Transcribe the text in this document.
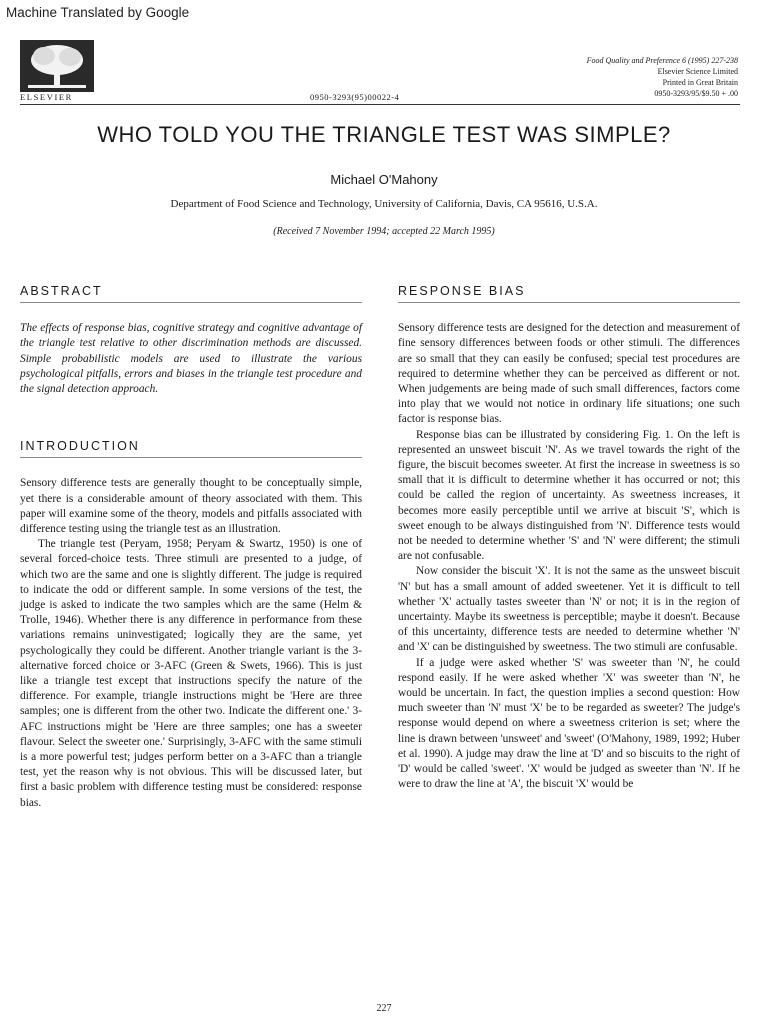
Machine Translated by Google
ELSEVIER	0950-3293(95)00022-4
Food Quality and Preference 6 (1995) 227-238
Elsevier Science Limited
Printed in Great Britain
0950-3293/95/$9.50 + .00
WHO TOLD YOU THE TRIANGLE TEST WAS SIMPLE?
Michael O'Mahony
Department of Food Science and Technology, University of California, Davis, CA 95616, U.S.A.
(Received 7 November 1994; accepted 22 March 1995)
ABSTRACT

The effects of response bias, cognitive strategy and cognitive advantage of the triangle test relative to other discrimination methods are discussed. Simple probabilistic models are used to illustrate the various psychological pitfalls, errors and biases in the triangle test procedure and the signal detection approach.

INTRODUCTION

Sensory difference tests are generally thought to be conceptually simple, yet there is a considerable amount of theory associated with them. This paper will examine some of the theory, models and pitfalls associated with difference testing using the triangle test as an illustration.

The triangle test (Peryam, 1958; Peryam & Swartz, 1950) is one of several forced-choice tests. Three stimuli are presented to a judge, of which two are the same and one is slightly different. The judge is required to indicate the odd or different sample. In some versions of the test, the judge is asked to indicate the two samples which are the same (Helm & Trolle, 1946). Whether there is any difference in performance from these variations remains uninvestigated; logically they are the same, yet psychologically they could be different. Another triangle variant is the 3-alternative forced choice or 3-AFC (Green & Swets, 1966). This is just like a triangle test except that instructions specify the nature of the difference. For example, triangle instructions might be 'Here are three samples; one is different from the other two. Indicate the different one.' 3-AFC instructions might be 'Here are three samples; one has a sweeter flavour. Select the sweeter one.' Surprisingly, 3-AFC with the same stimuli is a more powerful test; judges perform better on a 3-AFC than a triangle test, yet the reason why is not obvious. This will be discussed later, but first a basic problem with difference testing must be considered: response bias.

RESPONSE BIAS

Sensory difference tests are designed for the detection and measurement of fine sensory differences between foods or other stimuli. The differences are so small that they can easily be confused; special test procedures are required to determine whether they can be perceived as different or not. When judgements are being made of such small differences, factors come into play that we would not notice in ordinary life situations; one such factor is response bias.

Response bias can be illustrated by considering Fig. 1. On the left is represented an unsweet biscuit 'N'. As we travel towards the right of the figure, the biscuit becomes sweeter. At first the increase in sweetness is so small that it is difficult to determine whether it has occurred or not; this could be called the region of uncertainty. As sweetness increases, it becomes more easily perceptible until we arrive at biscuit 'S', which is sweet enough to be always distinguished from 'N'. Difference tests would not be needed to determine whether 'S' and 'N' were different; the stimuli are not confusable.

Now consider the biscuit 'X'. It is not the same as the unsweet biscuit 'N' but has a small amount of added sweetener. Yet it is difficult to tell whether 'X' actually tastes sweeter than 'N' or not; it is in the region of uncertainty. Maybe its sweetness is perceptible; maybe it doesn't. Because of this uncertainty, difference tests are needed to determine whether 'N' and 'X' can be distinguished by sweetness. The two stimuli are confusable.

If a judge were asked whether 'S' was sweeter than 'N', he could respond easily. If he were asked whether 'X' was sweeter than 'N', he would be uncertain. In fact, the question implies a second question: How much sweeter than 'N' must 'X' be to be regarded as sweeter? The judge's response would depend on where a sweetness criterion is set; where the line is drawn between 'unsweet' and 'sweet' (O'Mahony, 1989, 1992; Huber et al. 1990). A judge may draw the line at 'D' and so biscuits to the right of 'D' would be called 'sweet'. 'X' would be judged as sweeter than 'N'. If he were to draw the line at 'A', the biscuit 'X' would be

227
